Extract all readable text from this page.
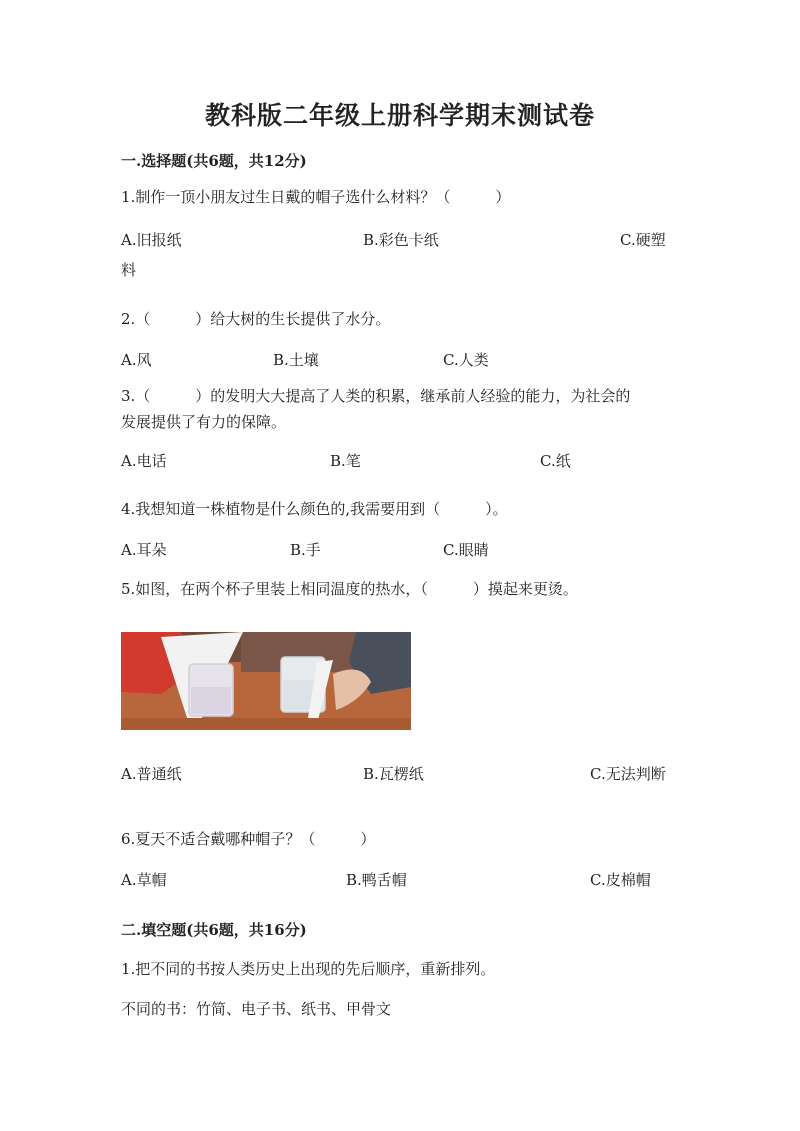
教科版二年级上册科学期末测试卷
一.选择题(共6题，共12分)
1.制作一顶小朋友过生日戴的帽子选什么材料？（　　　）
A.旧报纸	B.彩色卡纸	C.硬塑
料
2.（　　　）给大树的生长提供了水分。
A.风	B.土壤	C.人类
3.（　　　）的发明大大提高了人类的积累，继承前人经验的能力，为社会的
发展提供了有力的保障。
A.电话	B.笔	C.纸
4.我想知道一株植物是什么颜色的,我需要用到（　　　）。
A.耳朵	B.手	C.眼睛
5.如图，在两个杯子里装上相同温度的热水，（　　　）摸起来更烫。
A.普通纸	B.瓦楞纸	C.无法判断
6.夏天不适合戴哪种帽子？（　　　）
A.草帽	B.鸭舌帽	C.皮棉帽
二.填空题(共6题，共16分)
1.把不同的书按人类历史上出现的先后顺序，重新排列。
不同的书：竹简、电子书、纸书、甲骨文
